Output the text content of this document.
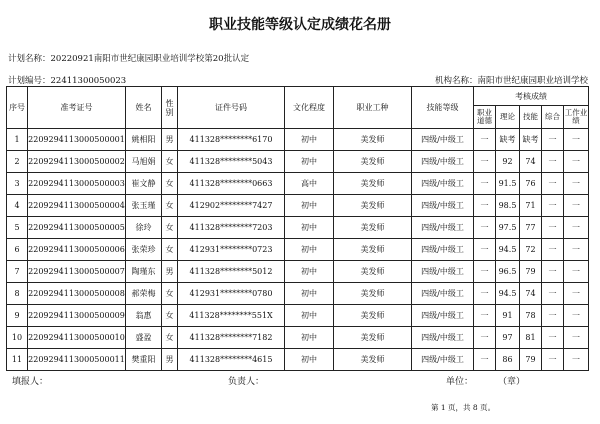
职业技能等级认定成绩花名册
计划名称：20220921南阳市世纪康园职业培训学校第20批认定
计划编号：22411300050023	机构名称：南阳市世纪康园职业培训学校
序号	准考证号	姓名	性别	证件号码	文化程度	职业工种	技能等级	考核成绩				
								职业道德	理论	技能	综合	工作业绩
1	2209294113000500001	姚相阳	男	411328********6170	初中	美发师	四级/中级工	一	缺考	缺考	一	一
2	2209294113000500002	马旭娟	女	411328********5043	初中	美发师	四级/中级工	一	92	74	一	一
3	2209294113000500003	崔文静	女	411328********0663	高中	美发师	四级/中级工	一	91.5	76	一	一
4	2209294113000500004	张玉瑾	女	412902********7427	初中	美发师	四级/中级工	一	98.5	71	一	一
5	2209294113000500005	徐玲	女	411328********7203	初中	美发师	四级/中级工	一	97.5	77	一	一
6	2209294113000500006	张荣珍	女	412931********0723	初中	美发师	四级/中级工	一	94.5	72	一	一
7	2209294113000500007	陶瑾东	男	411328********5012	初中	美发师	四级/中级工	一	96.5	79	一	一
8	2209294113000500008	郝荣梅	女	412931********0780	初中	美发师	四级/中级工	一	94.5	74	一	一
9	2209294113000500009	翁惠	女	411328********551X	初中	美发师	四级/中级工	一	91	78	一	一
10	2209294113000500010	盛盈	女	411328********7182	初中	美发师	四级/中级工	一	97	81	一	一
11	2209294113000500011	樊重阳	男	411328********4615	初中	美发师	四级/中级工	一	86	79	一	一
填报人：	负责人：	单位：	（章）
第 1 页，共 8 页。
